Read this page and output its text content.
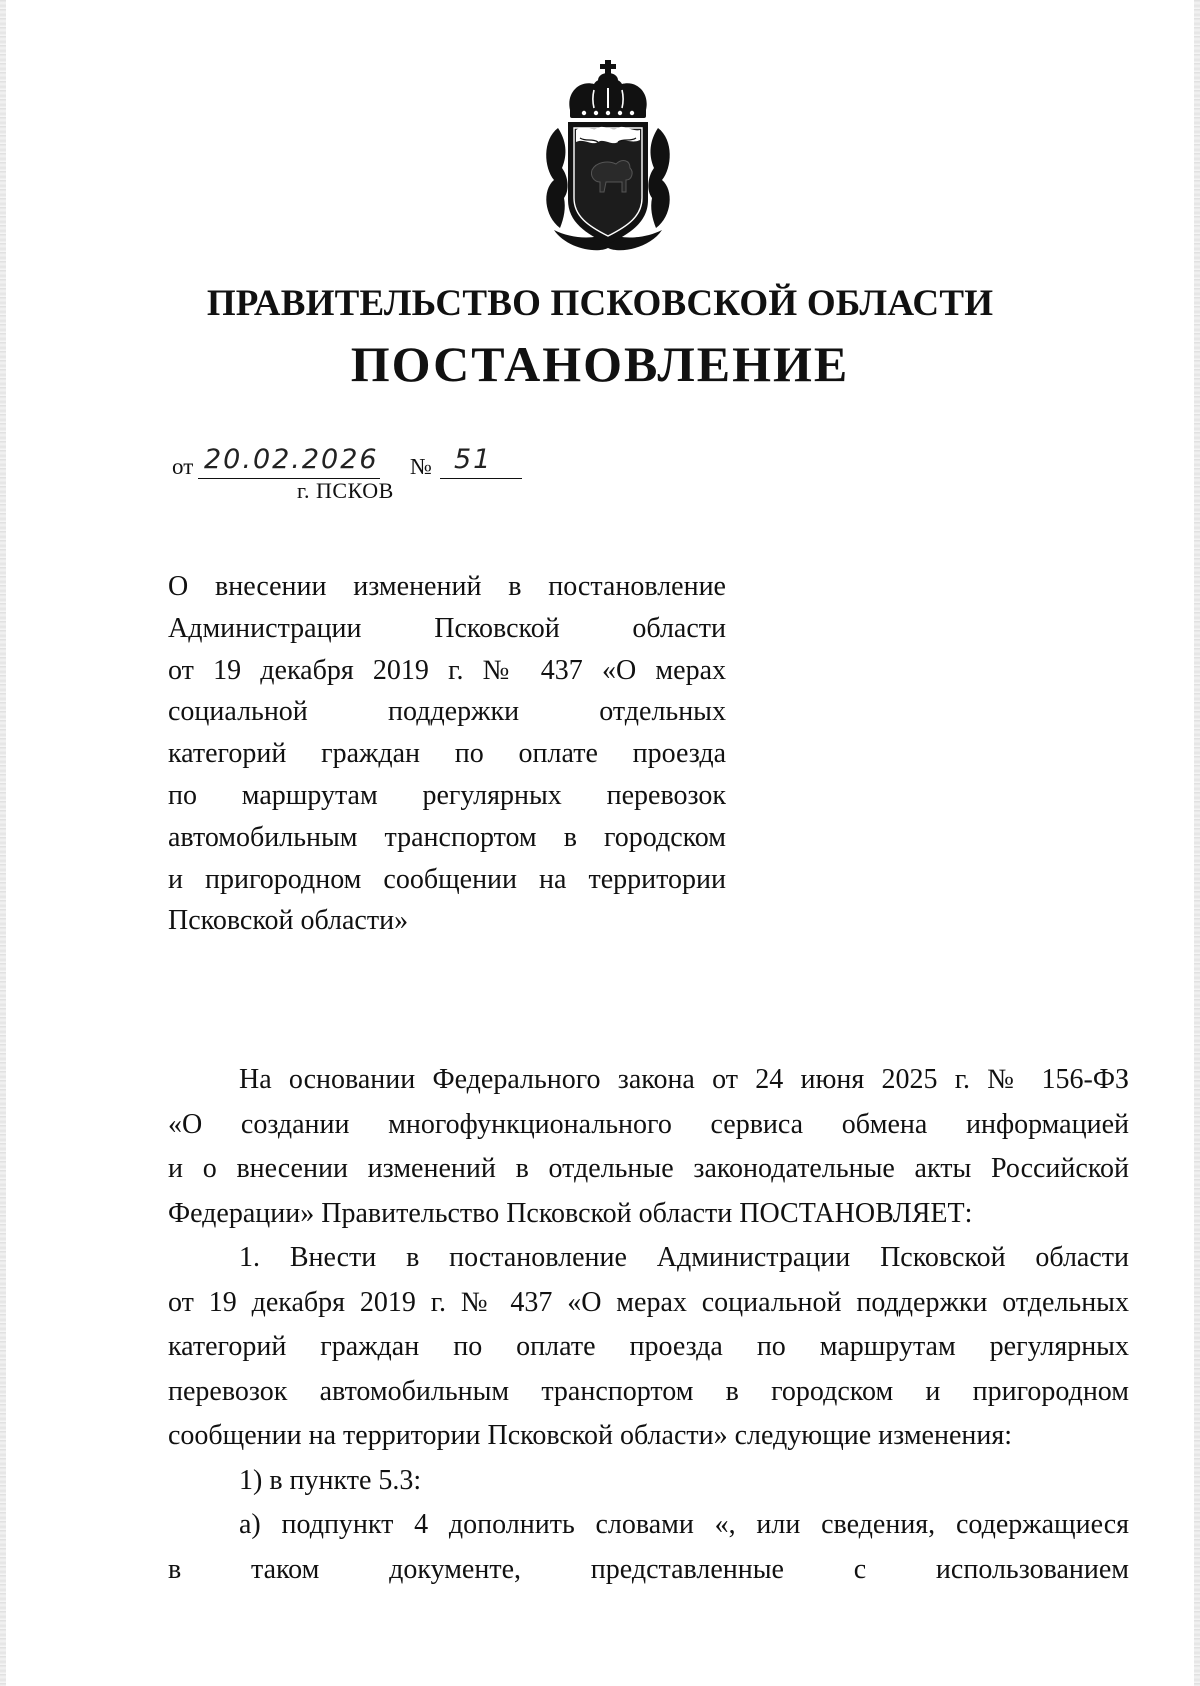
ПРАВИТЕЛЬСТВО ПСКОВСКОЙ ОБЛАСТИ
ПОСТАНОВЛЕНИЕ
от 20.02.2026 № 51
г. ПСКОВ
О внесении изменений в постановление
Администрации Псковской области
от 19 декабря 2019 г. № 437 «О мерах
социальной поддержки отдельных
категорий граждан по оплате проезда
по маршрутам регулярных перевозок
автомобильным транспортом в городском
и пригородном сообщении на территории
Псковской области»
На основании Федерального закона от 24 июня 2025 г. № 156-ФЗ
«О создании многофункционального сервиса обмена информацией
и о внесении изменений в отдельные законодательные акты Российской
Федерации» Правительство Псковской области ПОСТАНОВЛЯЕТ:
1. Внести в постановление Администрации Псковской области
от 19 декабря 2019 г. № 437 «О мерах социальной поддержки отдельных
категорий граждан по оплате проезда по маршрутам регулярных
перевозок автомобильным транспортом в городском и пригородном
сообщении на территории Псковской области» следующие изменения:
1) в пункте 5.3:
а) подпункт 4 дополнить словами «, или сведения, содержащиеся
в таком документе, представленные с использованием
